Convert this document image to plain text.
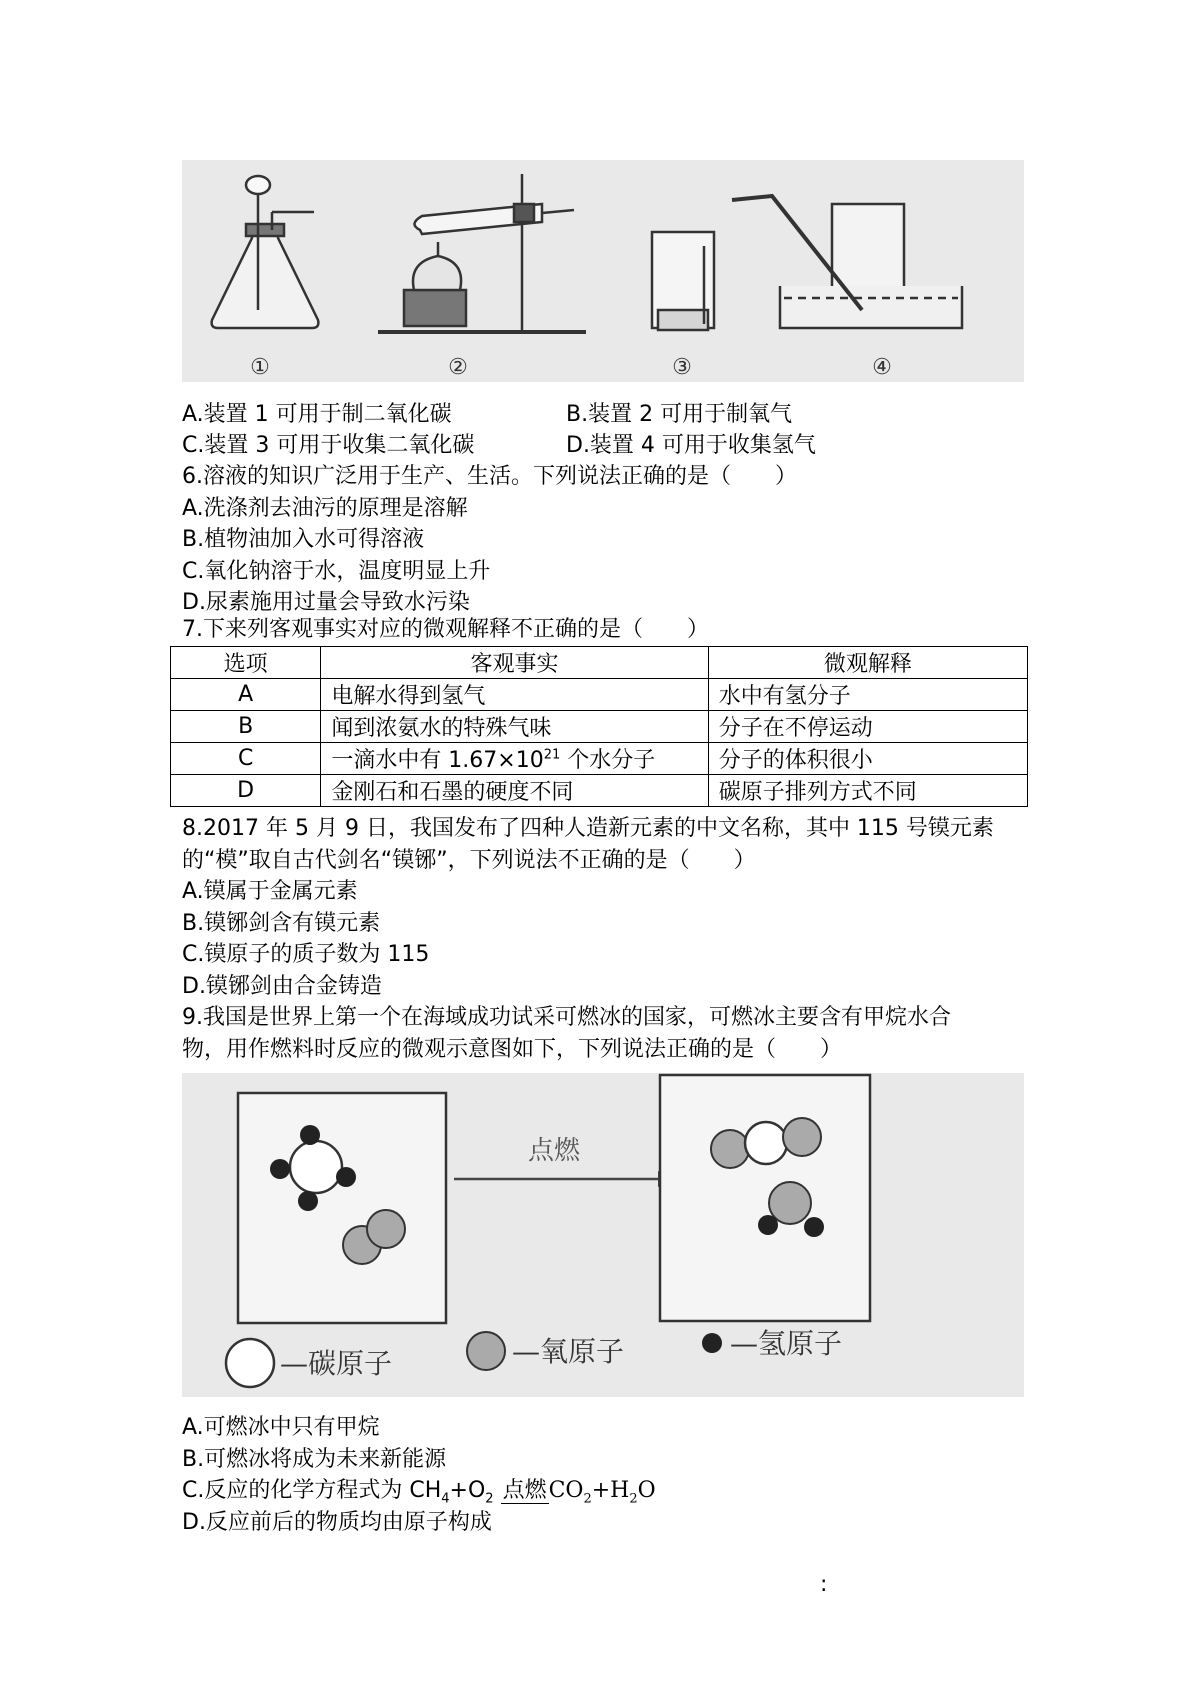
①	②	③	④
A.装置 1 可用于制二氧化碳	B.装置 2 可用于制氧气
C.装置 3 可用于收集二氧化碳	D.装置 4 可用于收集氢气
6.溶液的知识广泛用于生产、生活。下列说法正确的是（　　）
A.洗涤剂去油污的原理是溶解
B.植物油加入水可得溶液
C.氧化钠溶于水，温度明显上升
D.尿素施用过量会导致水污染
7.下来列客观事实对应的微观解释不正确的是（　　）
选项	客观事实	微观解释
A	电解水得到氢气	水中有氢分子
B	闻到浓氨水的特殊气味	分子在不停运动
C	一滴水中有 $1.67\times 10^{21}$ 个水分子	分子的体积很小
D	金刚石和石墨的硬度不同	碳原子排列方式不同
8.2017 年 5 月 9 日，我国发布了四种人造新元素的中文名称，其中 115 号镆元素
的“模”取自古代剑名“镆铘”，下列说法不正确的是（　　）
A.镆属于金属元素
B.镆铘剑含有镆元素
C.镆原子的质子数为 115
D.镆铘剑由合金铸造
9.我国是世界上第一个在海域成功试采可燃冰的国家，可燃冰主要含有甲烷水合
物，用作燃料时反应的微观示意图如下，下列说法正确的是（　　）
点燃
—碳原子	—氧原子	—氢原子
A.可燃冰中只有甲烷
B.可燃冰将成为未来新能源
C.反应的化学方程式为 $CH_4+O_2$ 点燃$CO_2+H_2O$
D.反应前后的物质均由原子构成
:
